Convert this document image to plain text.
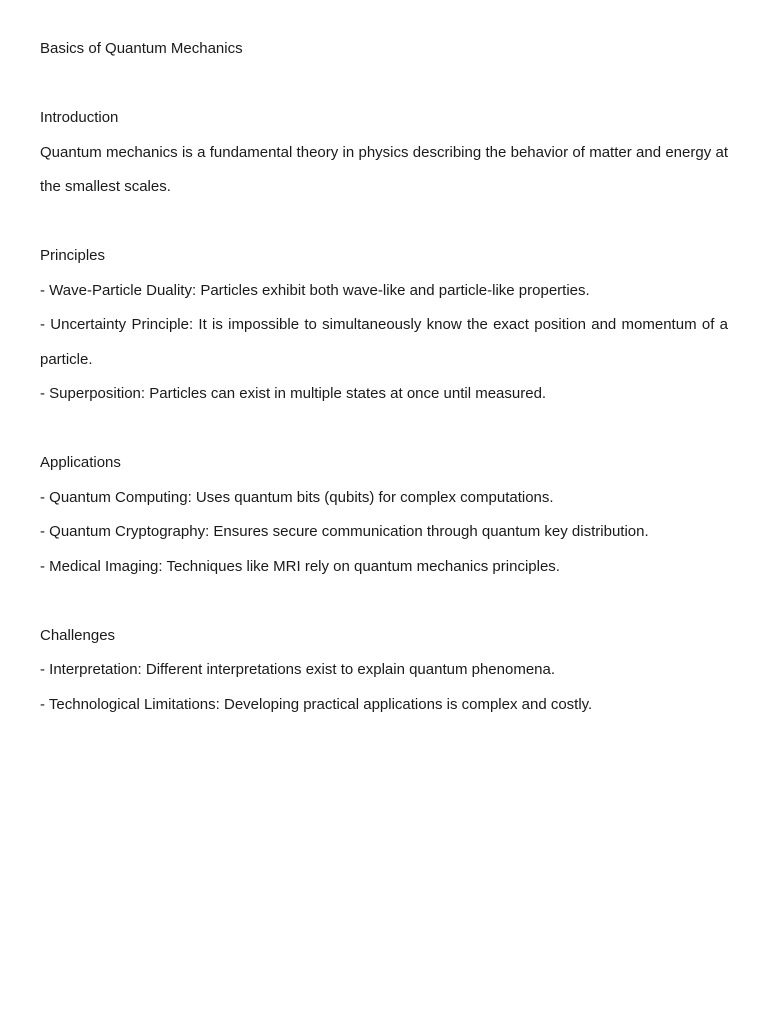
Basics of Quantum Mechanics

Introduction

Quantum mechanics is a fundamental theory in physics describing the behavior of matter and energy at the smallest scales.

Principles

- Wave-Particle Duality: Particles exhibit both wave-like and particle-like properties.

- Uncertainty Principle: It is impossible to simultaneously know the exact position and momentum of a particle.

- Superposition: Particles can exist in multiple states at once until measured.

Applications

- Quantum Computing: Uses quantum bits (qubits) for complex computations.

- Quantum Cryptography: Ensures secure communication through quantum key distribution.

- Medical Imaging: Techniques like MRI rely on quantum mechanics principles.

Challenges

- Interpretation: Different interpretations exist to explain quantum phenomena.

- Technological Limitations: Developing practical applications is complex and costly.
